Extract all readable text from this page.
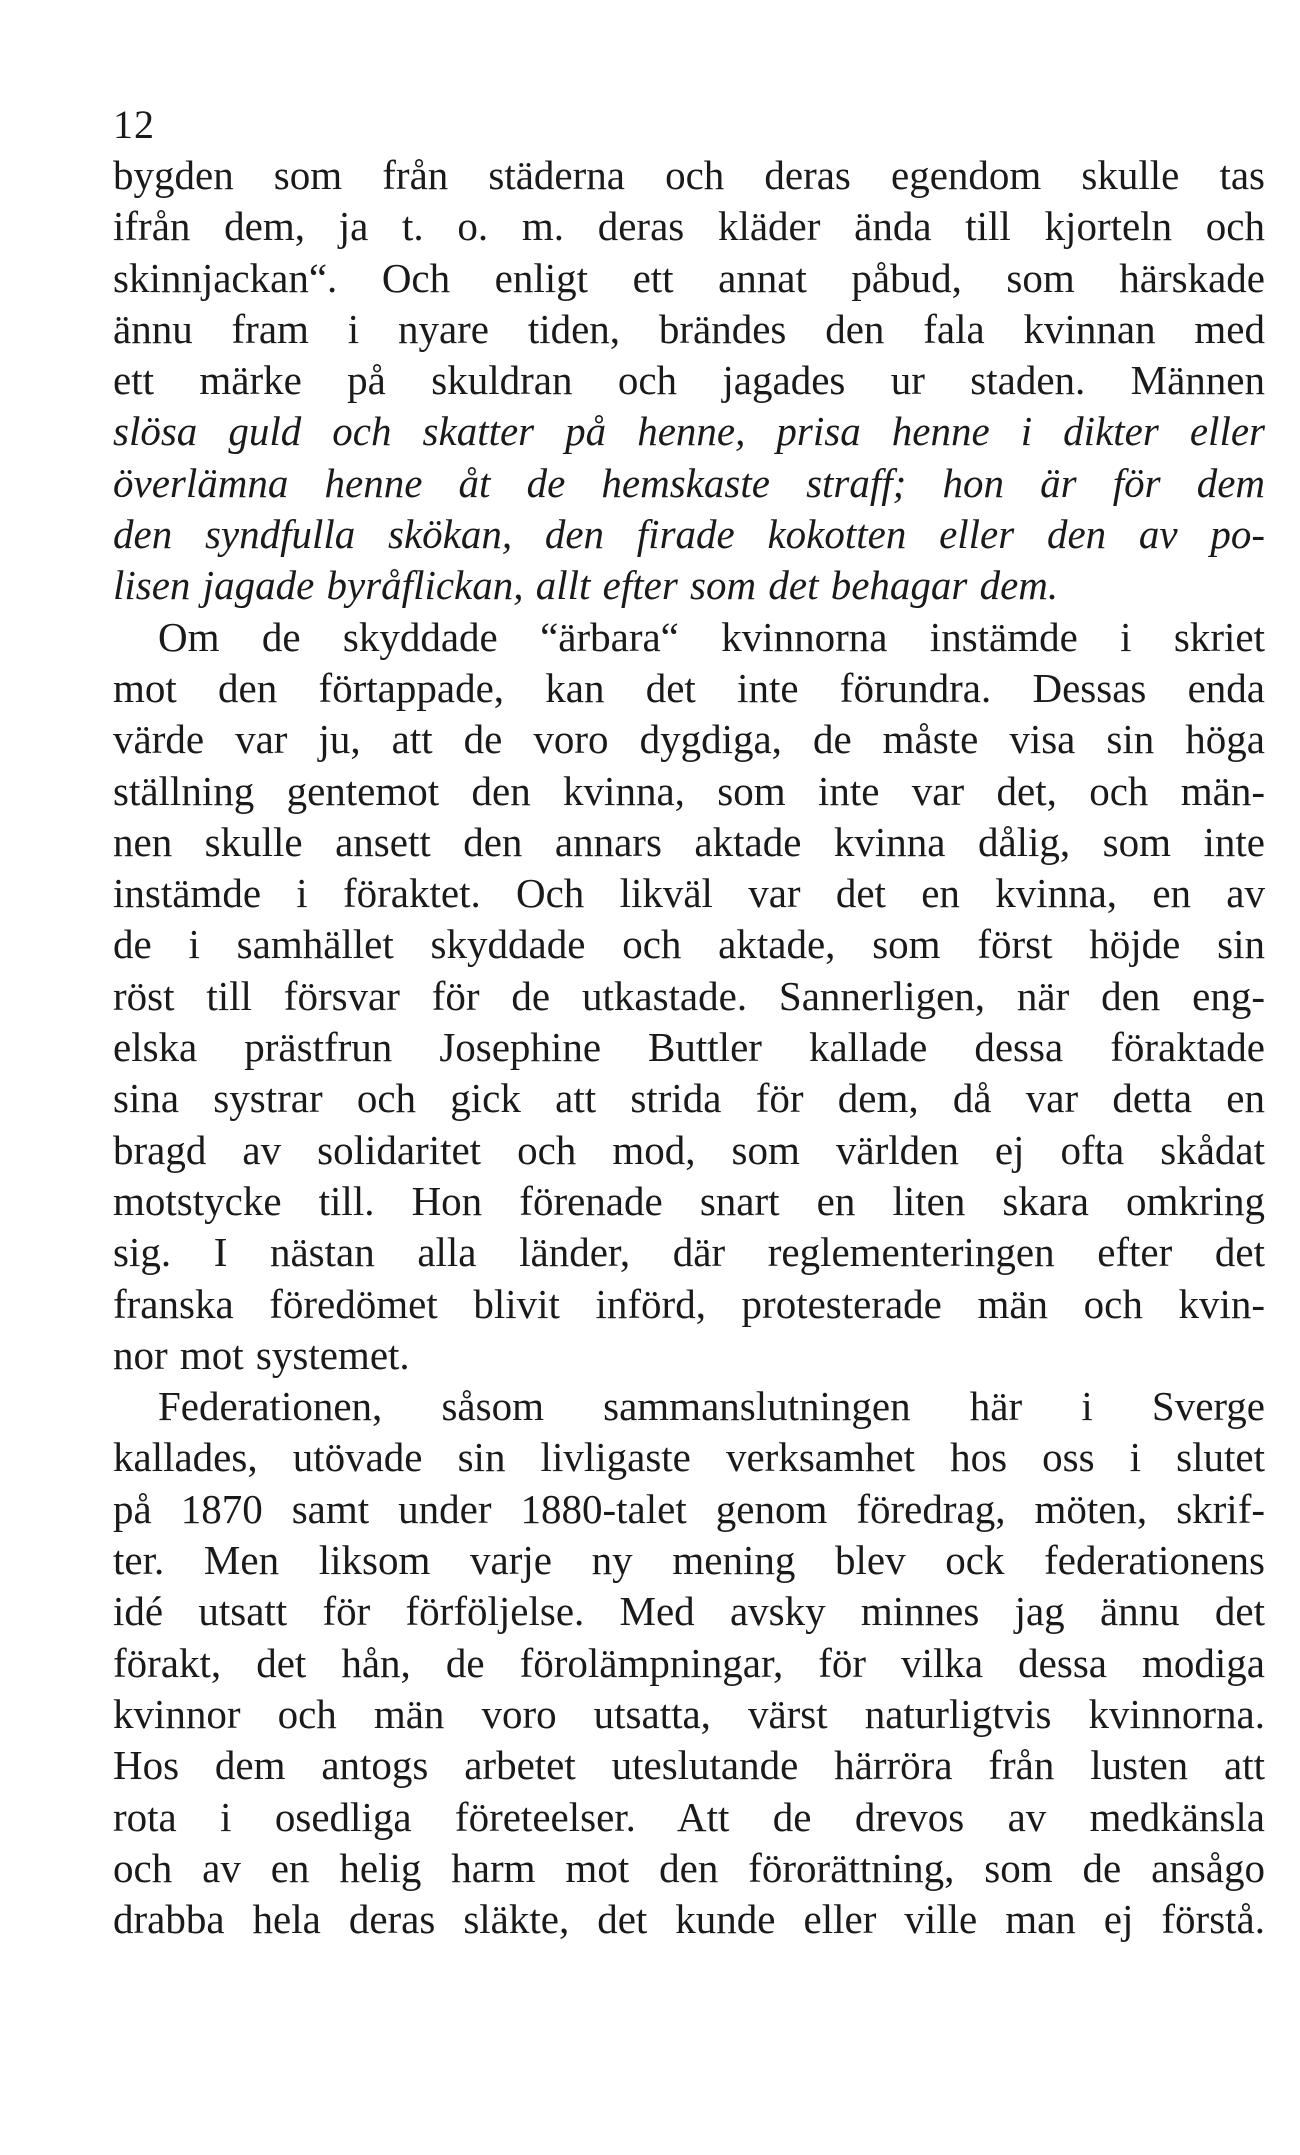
12
bygden som från städerna och deras egendom skulle tas
ifrån dem, ja t. o. m. deras kläder ända till kjorteln och
skinnjackan“. Och enligt ett annat påbud, som härskade
ännu fram i nyare tiden, brändes den fala kvinnan med
ett märke på skuldran och jagades ur staden. Männen
slösa guld och skatter på henne, prisa henne i dikter eller
överlämna henne åt de hemskaste straff; hon är för dem
den syndfulla skökan, den firade kokotten eller den av po-
lisen jagade byråflickan, allt efter som det behagar dem.
Om de skyddade “ärbara“ kvinnorna instämde i skriet
mot den förtappade, kan det inte förundra. Dessas enda
värde var ju, att de voro dygdiga, de måste visa sin höga
ställning gentemot den kvinna, som inte var det, och män-
nen skulle ansett den annars aktade kvinna dålig, som inte
instämde i föraktet. Och likväl var det en kvinna, en av
de i samhället skyddade och aktade, som först höjde sin
röst till försvar för de utkastade. Sannerligen, när den eng-
elska prästfrun Josephine Buttler kallade dessa föraktade
sina systrar och gick att strida för dem, då var detta en
bragd av solidaritet och mod, som världen ej ofta skådat
motstycke till. Hon förenade snart en liten skara omkring
sig. I nästan alla länder, där reglementeringen efter det
franska föredömet blivit införd, protesterade män och kvin-
nor mot systemet.
Federationen, såsom sammanslutningen här i Sverge
kallades, utövade sin livligaste verksamhet hos oss i slutet
på 1870 samt under 1880-talet genom föredrag, möten, skrif-
ter. Men liksom varje ny mening blev ock federationens
idé utsatt för förföljelse. Med avsky minnes jag ännu det
förakt, det hån, de förolämpningar, för vilka dessa modiga
kvinnor och män voro utsatta, värst naturligtvis kvinnorna.
Hos dem antogs arbetet uteslutande härröra från lusten att
rota i osedliga företeelser. Att de drevos av medkänsla
och av en helig harm mot den förorättning, som de ansågo
drabba hela deras släkte, det kunde eller ville man ej förstå.
